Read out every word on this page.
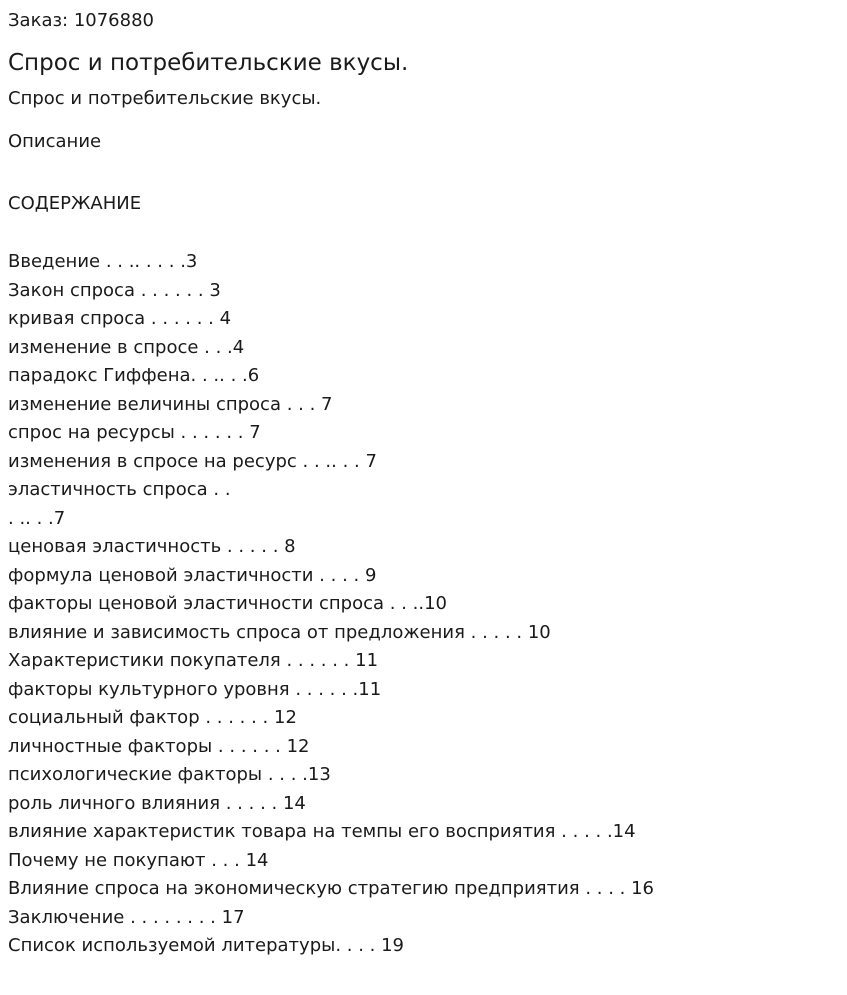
Заказ: 1076880
Спрос и потребительские вкусы.
Спрос и потребительские вкусы.
Описание
СОДЕРЖАНИЕ
Введение . . .. . . . .3
Закон спроса . . . . . . 3
кривая спроса . . . . . . 4
изменение в спросе . . .4
парадокс Гиффена. . .. . .6
изменение величины спроса . . . 7
спрос на ресурсы . . . . . . 7
изменения в спросе на ресурс . . .. . . 7
эластичность спроса . .
. .. . .7
ценовая эластичность . . . . . 8
формула ценовой эластичности . . . . 9
факторы ценовой эластичности спроса . . ..10
влияние и зависимость спроса от предложения . . . . . 10
Характеристики покупателя . . . . . . 11
факторы культурного уровня . . . . . .11
социальный фактор . . . . . . 12
личностные факторы . . . . . . 12
психологические факторы . . . .13
роль личного влияния . . . . . 14
влияние характеристик товара на темпы его восприятия . . . . .14
Почему не покупают . . . 14
Влияние спроса на экономическую стратегию предприятия . . . . 16
Заключение . . . . . . . . 17
Список используемой литературы. . . . 19
